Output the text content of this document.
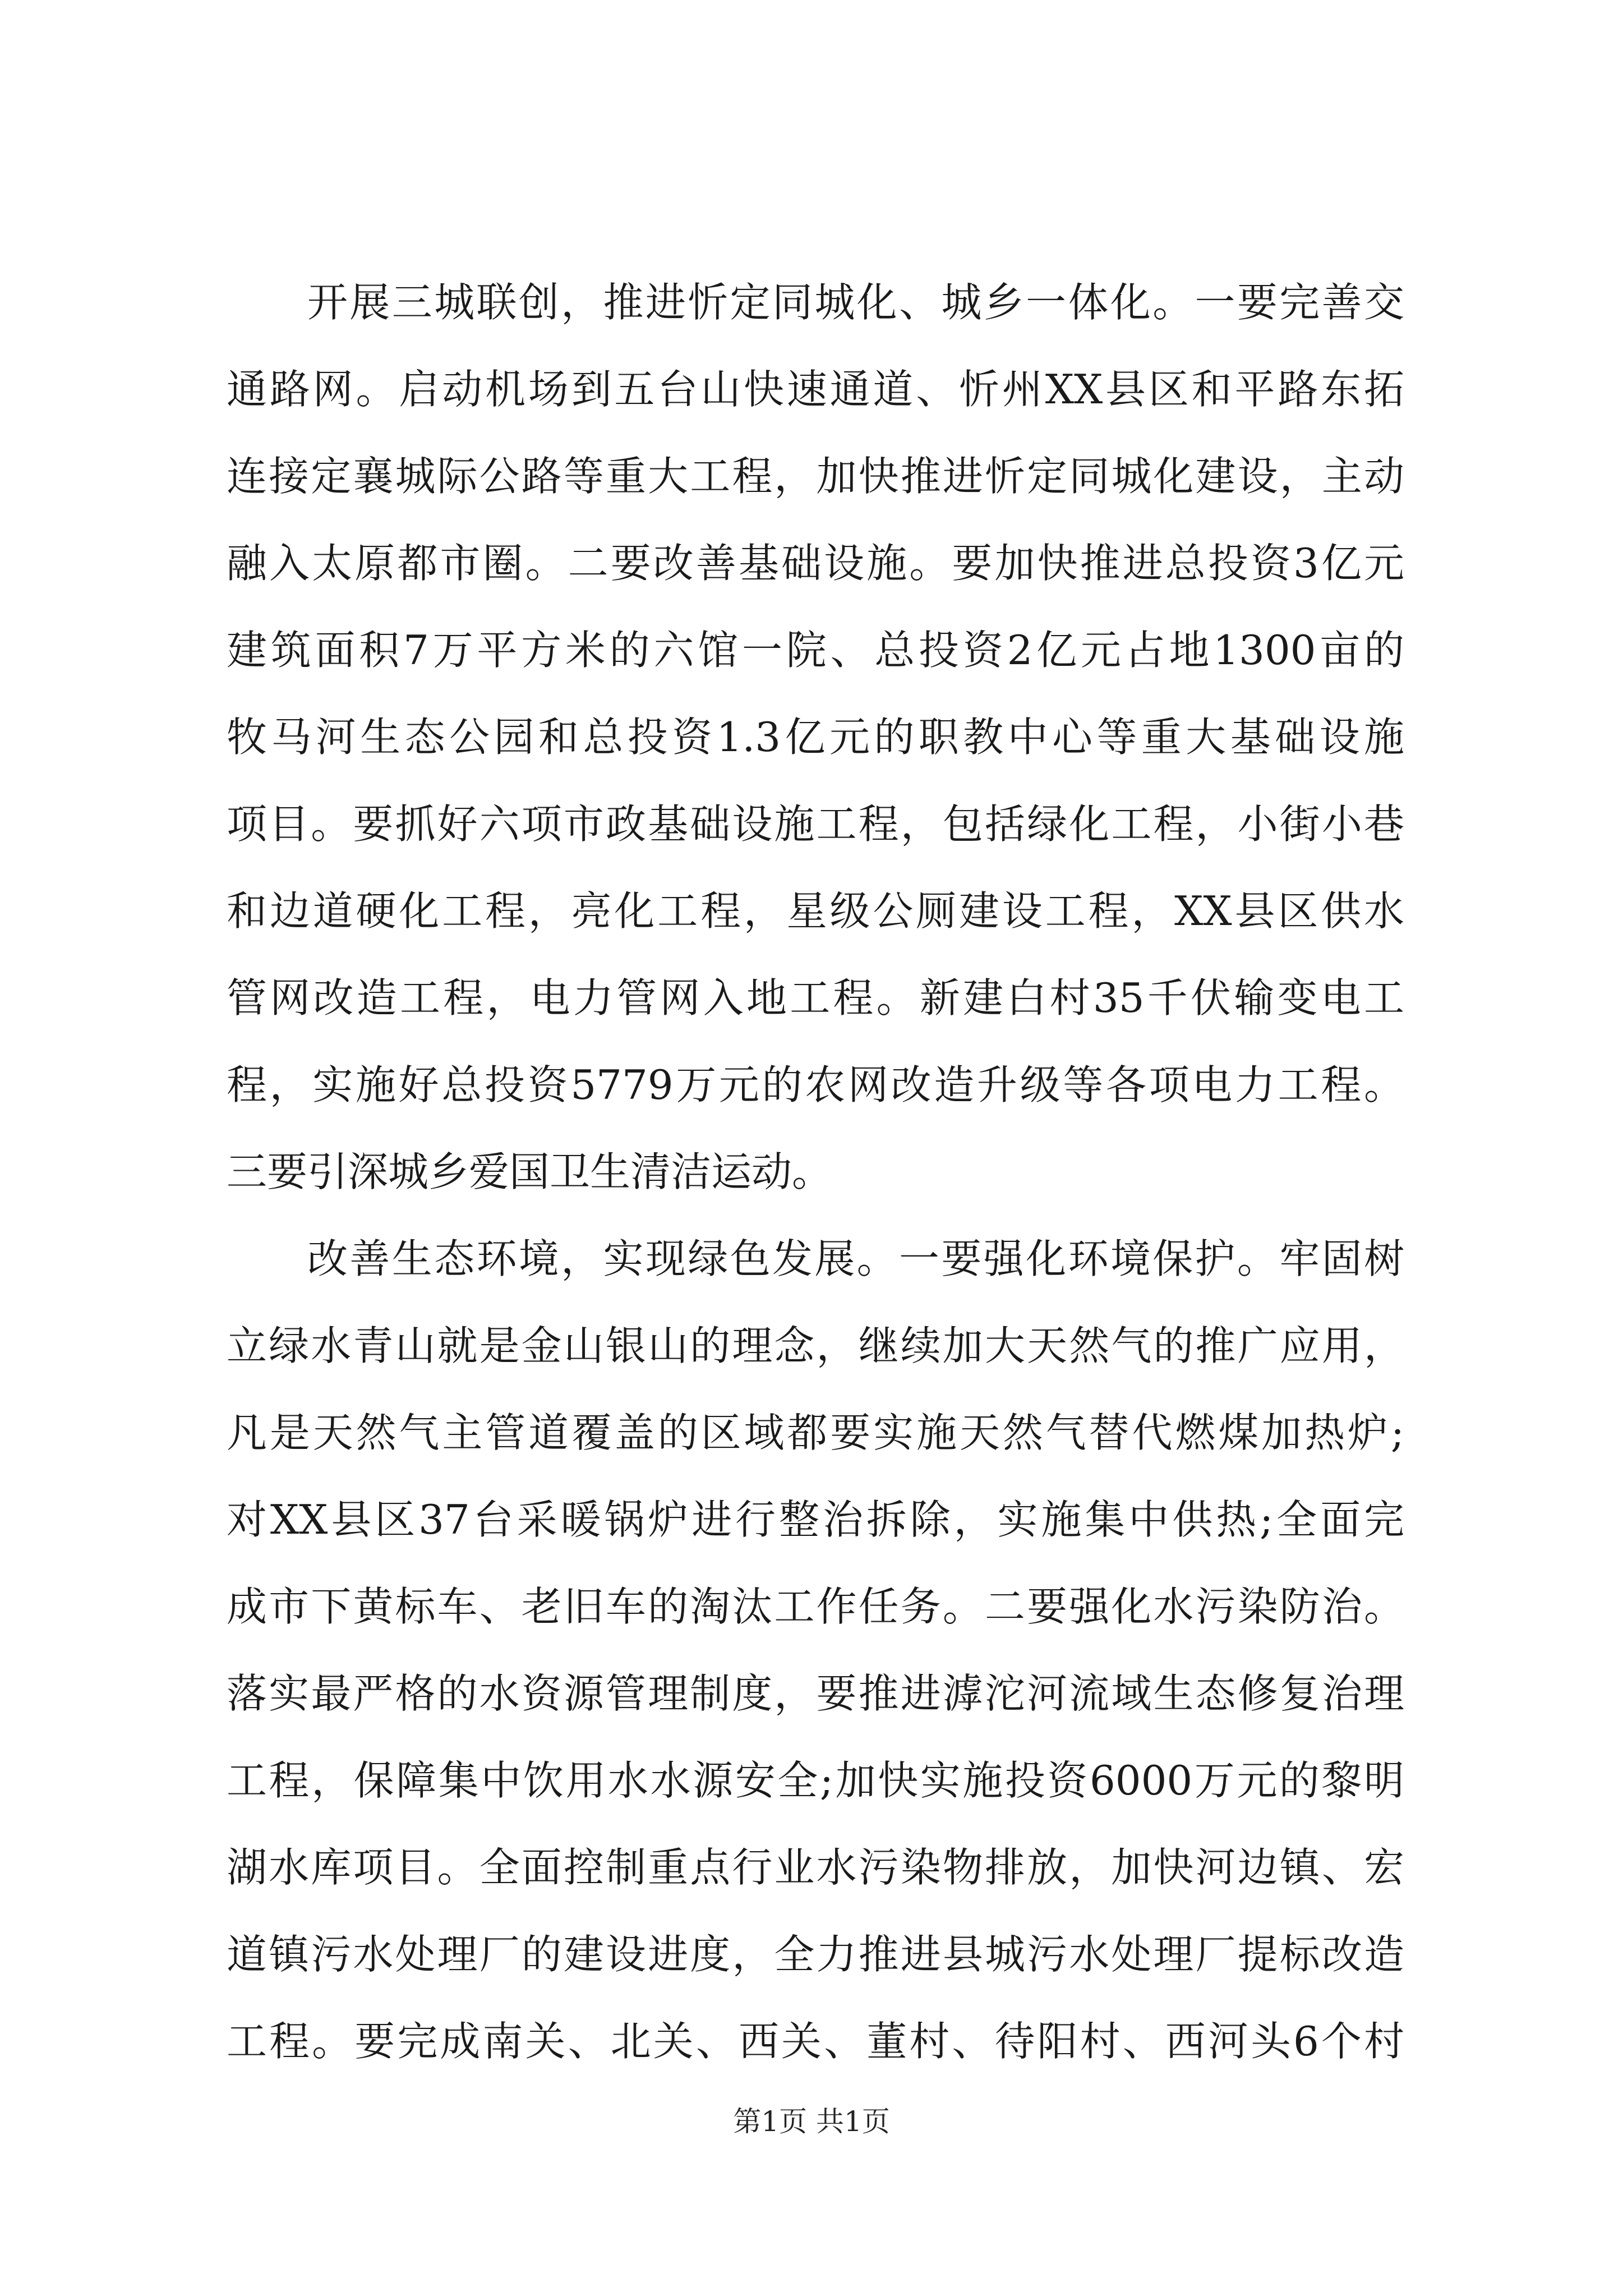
开展三城联创，推进忻定同城化、城乡一体化。一要完善交
通路网。启动机场到五台山快速通道、忻州XX县区和平路东拓
连接定襄城际公路等重大工程，加快推进忻定同城化建设，主动
融入太原都市圈。二要改善基础设施。要加快推进总投资3亿元
建筑面积7万平方米的六馆一院、总投资2亿元占地1300亩的
牧马河生态公园和总投资1.3亿元的职教中心等重大基础设施
项目。要抓好六项市政基础设施工程，包括绿化工程，小街小巷
和边道硬化工程，亮化工程，星级公厕建设工程，XX县区供水
管网改造工程，电力管网入地工程。新建白村35千伏输变电工
程，实施好总投资5779万元的农网改造升级等各项电力工程。
三要引深城乡爱国卫生清洁运动。
改善生态环境，实现绿色发展。一要强化环境保护。牢固树
立绿水青山就是金山银山的理念，继续加大天然气的推广应用，
凡是天然气主管道覆盖的区域都要实施天然气替代燃煤加热炉;
对XX县区37台采暖锅炉进行整治拆除，实施集中供热;全面完
成市下黄标车、老旧车的淘汰工作任务。二要强化水污染防治。
落实最严格的水资源管理制度，要推进滹沱河流域生态修复治理
工程，保障集中饮用水水源安全;加快实施投资6000万元的黎明
湖水库项目。全面控制重点行业水污染物排放，加快河边镇、宏
道镇污水处理厂的建设进度，全力推进县城污水处理厂提标改造
工程。要完成南关、北关、西关、董村、待阳村、西河头6个村
第1页 共1页
